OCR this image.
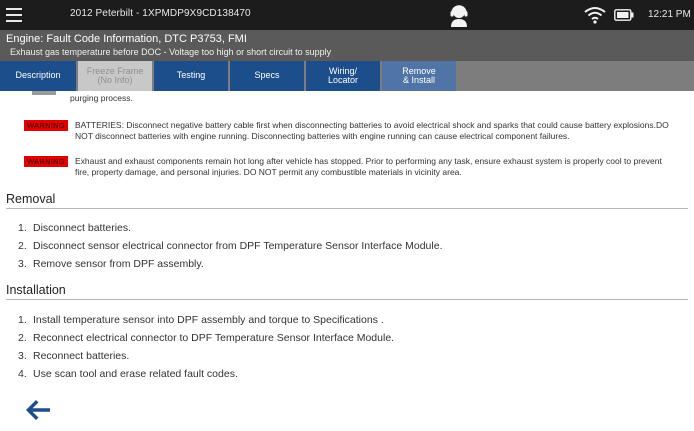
2012 Peterbilt - 1XPMDP9X9CD138470	12:21 PM
Engine: Fault Code Information, DTC P3753, FMI
Exhaust gas temperature before DOC - Voltage too high or short circuit to supply
Description	Freeze Frame
(No Info)	Testing	Specs	Wiring/
Locator
Remove
& Install
purging process.
WARNING	BATTERIES: Disconnect negative battery cable first when disconnecting batteries to avoid electrical shock and sparks that could cause battery explosions.DO NOT disconnect batteries with engine running. Disconnecting batteries with engine running can cause electrical component failures.
WARNING	Exhaust and exhaust components remain hot long after vehicle has stopped. Prior to performing any task, ensure exhaust system is properly cool to prevent fire, property damage, and personal injuries. DO NOT permit any combustible materials in vicinity area.
Removal
1. Disconnect batteries.
2. Disconnect sensor electrical connector from DPF Temperature Sensor Interface Module.
3. Remove sensor from DPF assembly.
Installation
1. Install temperature sensor into DPF assembly and torque to Specifications .
2. Reconnect electrical connector to DPF Temperature Sensor Interface Module.
3. Reconnect batteries.
4. Use scan tool and erase related fault codes.
